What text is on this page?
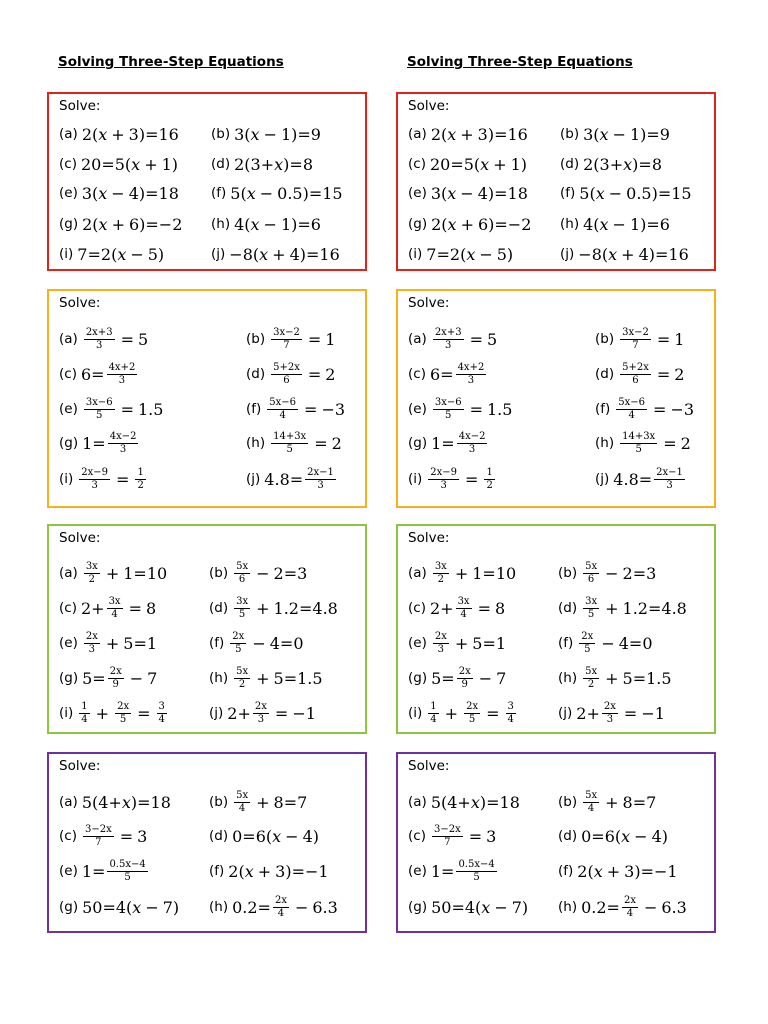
Solving Three-Step Equations
Solve:
(a) 2( x + 3) = 16 (b) 3( x − 1) = 9
(c) 20 = 5( x + 1) (d) 2(3 + x ) = 8
(e) 3( x − 4) = 18 (f) 5( x − 0.5) = 15
(g) 2( x + 6) = − 2 (h) 4( x − 1) = 6
(i) 7 = 2( x − 5)	(j) − 8( x + 4) = 16
Solve:
$(a) \frac{2x+3}{3} = 5$	$(b) \frac{3x-2}{7} = 1$
(c) $6 = \frac{4x+2}{3}$	$(d) \frac{5+2x}{6} = 2$
$(e) \frac{3x-6}{5} = 1.5$	$(f) \frac{5x-6}{4}$ = − 3
(g) $1 = \frac{4x-2}{3}$	$(h) \frac{14+3x}{5} = 2$
$(i) \frac{2x-9}{3} = \frac{1}{2}$	(j) $4.8 = \frac{2x-1}{3}$
Solve:
$(a) \frac{3x}{2} + 1 = 10$	$(b) \frac{5x}{6} - 2 = 3$
(c) $2 + \frac{3x}{4} = 8$	$(d) \frac{3x}{5} + 1.2 = 4.8$
$(e) \frac{2x}{3} + 5 = 1$	$(f) \frac{2x}{5} - 4 = 0$
(g) $5 = \frac{2x}{9} - 7$	$(h) \frac{5x}{2} + 5 = 1.5$
$(i) \frac{1}{4} + \frac{2x}{5} = \frac{3}{4}$	(j) $2 + \frac{2x}{3}$ = − 1
Solve:
(a) 5(4 + x ) = 18	$(b) \frac{5x}{4} + 8 = 7$
$(c) \frac{3-2x}{7} = 3$	(d) 0 = 6( x − 4)
(e) $1 = \frac{0.5x-4}{5}$	(f) 2( x + 3) = − 1
(g) 50 = 4( x − 7) (h) $0.2 = \frac{2x}{4} - 6.3$
Solving Three-Step Equations
Solve:
(a) 2( x + 3) = 16 (b) 3( x − 1) = 9
(c) 20 = 5( x + 1) (d) 2(3 + x ) = 8
(e) 3( x − 4) = 18 (f) 5( x − 0.5) = 15
(g) 2( x + 6) = − 2 (h) 4( x − 1) = 6
(i) 7 = 2( x − 5)	(j) − 8( x + 4) = 16
Solve:
$(a) \frac{2x+3}{3} = 5$	$(b) \frac{3x-2}{7} = 1$
(c) $6 = \frac{4x+2}{3}$	$(d) \frac{5+2x}{6} = 2$
$(e) \frac{3x-6}{5} = 1.5$	$(f) \frac{5x-6}{4}$ = − 3
(g) $1 = \frac{4x-2}{3}$	$(h) \frac{14+3x}{5} = 2$
$(i) \frac{2x-9}{3} = \frac{1}{2}$	(j) $4.8 = \frac{2x-1}{3}$
Solve:
$(a) \frac{3x}{2} + 1 = 10$	$(b) \frac{5x}{6} - 2 = 3$
(c) $2 + \frac{3x}{4} = 8$	$(d) \frac{3x}{5} + 1.2 = 4.8$
$(e) \frac{2x}{3} + 5 = 1$	$(f) \frac{2x}{5} - 4 = 0$
(g) $5 = \frac{2x}{9} - 7$	$(h) \frac{5x}{2} + 5 = 1.5$
$(i) \frac{1}{4} + \frac{2x}{5} = \frac{3}{4}$	(j) $2 + \frac{2x}{3}$ = − 1
Solve:
(a) 5(4 + x ) = 18	$(b) \frac{5x}{4} + 8 = 7$
$(c) \frac{3-2x}{7} = 3$	(d) 0 = 6( x − 4)
(e) $1 = \frac{0.5x-4}{5}$	(f) 2( x + 3) = − 1
(g) 50 = 4( x − 7) (h) $0.2 = \frac{2x}{4} - 6.3$
